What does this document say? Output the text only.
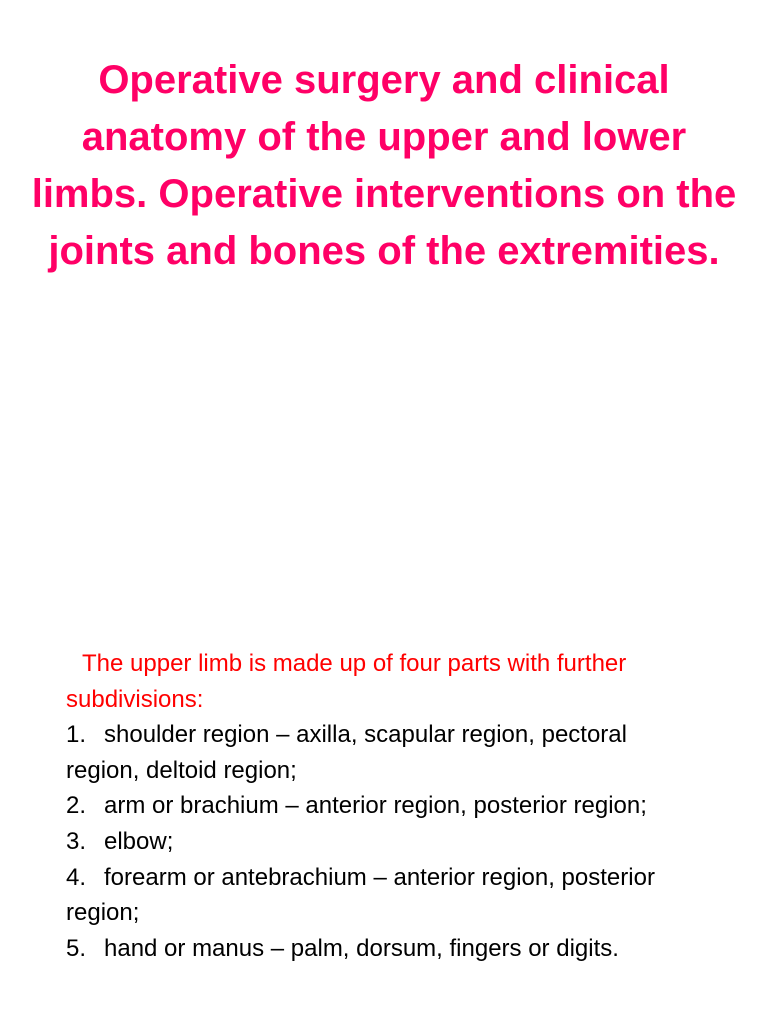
Operative surgery and clinical anatomy of the upper and lower limbs. Operative interventions on the joints and bones of the extremities.

The upper limb is made up of four parts with further subdivisions:

1. shoulder region – axilla, scapular region, pectoral region, deltoid region;
2. arm or brachium – anterior region, posterior region;
3. elbow;
4. forearm or antebrachium – anterior region, posterior region;
5. hand or manus – palm, dorsum, fingers or digits.
